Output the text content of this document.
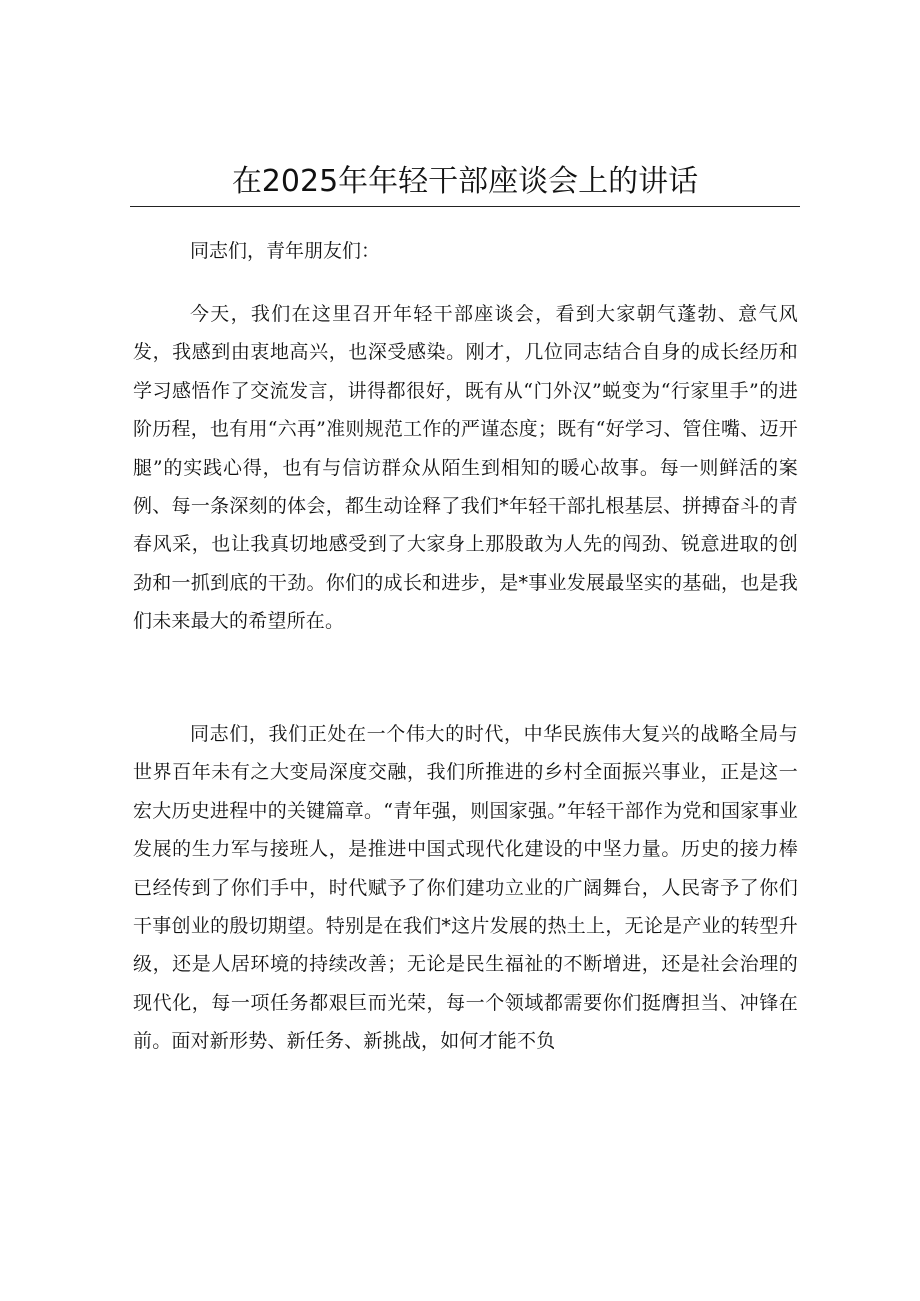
在2025年年轻干部座谈会上的讲话

同志们，青年朋友们：

今天，我们在这里召开年轻干部座谈会，看到大家朝气蓬勃、意气风发，我感到由衷地高兴，也深受感染。刚才，几位同志结合自身的成长经历和学习感悟作了交流发言，讲得都很好，既有从“门外汉”蜕变为“行家里手”的进阶历程，也有用“六再”准则规范工作的严谨态度；既有“好学习、管住嘴、迈开腿”的实践心得，也有与信访群众从陌生到相知的暖心故事。每一则鲜活的案例、每一条深刻的体会，都生动诠释了我们*年轻干部扎根基层、拼搏奋斗的青春风采，也让我真切地感受到了大家身上那股敢为人先的闯劲、锐意进取的创劲和一抓到底的干劲。你们的成长和进步，是*事业发展最坚实的基础，也是我们未来最大的希望所在。

同志们，我们正处在一个伟大的时代，中华民族伟大复兴的战略全局与世界百年未有之大变局深度交融，我们所推进的乡村全面振兴事业，正是这一宏大历史进程中的关键篇章。“青年强，则国家强。”年轻干部作为党和国家事业发展的生力军与接班人，是推进中国式现代化建设的中坚力量。历史的接力棒已经传到了你们手中，时代赋予了你们建功立业的广阔舞台，人民寄予了你们干事创业的殷切期望。特别是在我们*这片发展的热土上，无论是产业的转型升级，还是人居环境的持续改善；无论是民生福祉的不断增进，还是社会治理的现代化，每一项任务都艰巨而光荣，每一个领域都需要你们挺膺担当、冲锋在前。面对新形势、新任务、新挑战，如何才能不负
